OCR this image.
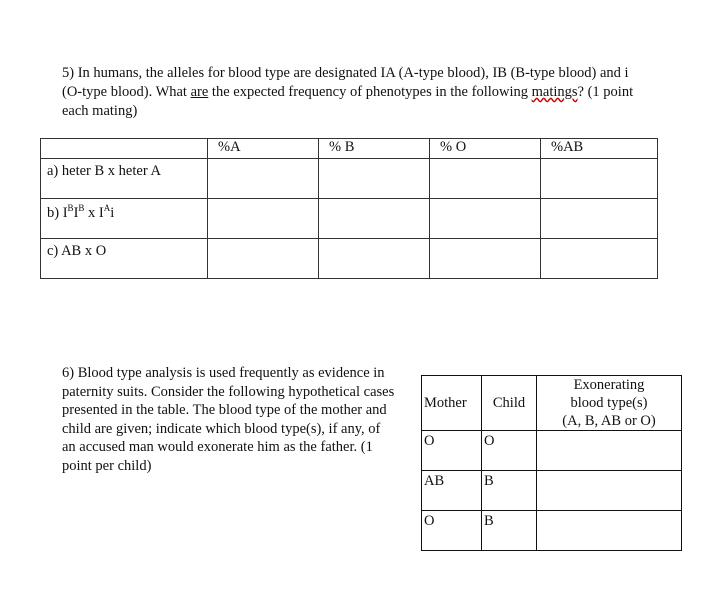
5) In humans, the alleles for blood type are designated IA (A-type blood), IB (B-type blood) and i
(O-type blood). What are the expected frequency of phenotypes in the following matings? (1 point
each mating)
	%A	% B	% O	%AB
a) heter B x heter A				
b) $I^BI^B$ x $I^Ai$				
c) AB x O				
6) Blood type analysis is used frequently as evidence in paternity suits. Consider the following hypothetical cases presented in the table. The blood type of the mother and child are given; indicate which blood type(s), if any, of an accused man would exonerate him as the father. (1 point per child)
Mother	Child	Exonerating
blood type(s)
(A, B, AB or O)

O	O	
AB	B	
O	B	
